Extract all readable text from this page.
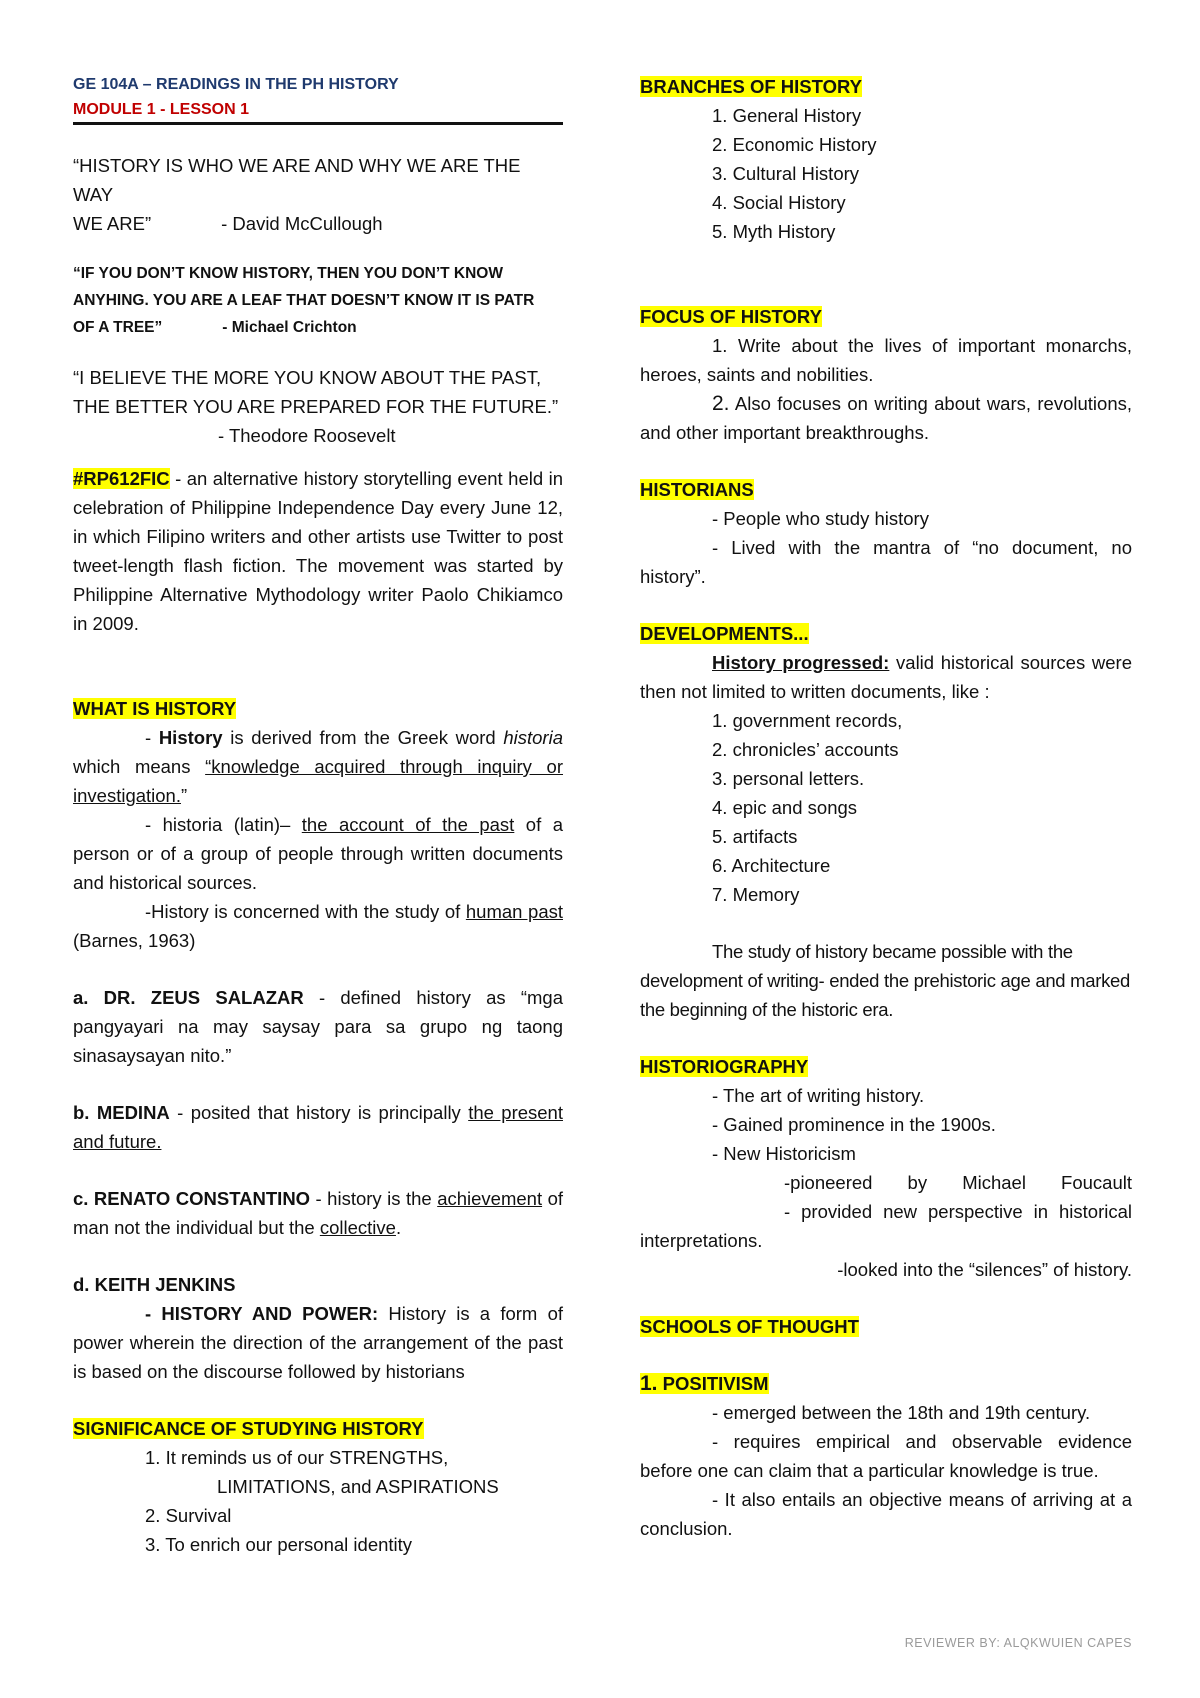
GE 104A – READINGS IN THE PH HISTORY

MODULE 1 - LESSON 1

“HISTORY IS WHO WE ARE AND WHY WE ARE THE WAY

WE ARE”	- David McCullough

“IF YOU DON’T KNOW HISTORY, THEN YOU DON’T KNOW

ANYHING. YOU ARE A LEAF THAT DOESN’T KNOW IT IS PATR

OF A TREE”	- Michael Crichton

“I BELIEVE THE MORE YOU KNOW ABOUT THE PAST,

THE BETTER YOU ARE PREPARED FOR THE FUTURE.”

- Theodore Roosevelt

#RP612FIC - an alternative history storytelling event held in celebration of Philippine Independence Day every June 12, in which Filipino writers and other artists use Twitter to post tweet-length flash fiction. The movement was started by Philippine Alternative Mythodology writer Paolo Chikiamco in 2009.

WHAT IS HISTORY

- History is derived from the Greek word historia which means “knowledge acquired through inquiry or investigation.”

- historia (latin)– the account of the past of a person or of a group of people through written documents and historical sources.

-History is concerned with the study of human past (Barnes, 1963)

a. DR. ZEUS SALAZAR - defined history as “mga pangyayari na may saysay para sa grupo ng taong sinasaysayan nito.”

b. MEDINA - posited that history is principally the present and future.

c. RENATO CONSTANTINO - history is the achievement of man not the individual but the collective.

d. KEITH JENKINS

- HISTORY AND POWER: History is a form of power wherein the direction of the arrangement of the past is based on the discourse followed by historians

SIGNIFICANCE OF STUDYING HISTORY

1. It reminds us of our STRENGTHS,

LIMITATIONS, and ASPIRATIONS

2. Survival

3. To enrich our personal identity

BRANCHES OF HISTORY

1. General History

2. Economic History

3. Cultural History

4. Social History

5. Myth History

FOCUS OF HISTORY

1. Write about the lives of important monarchs, heroes, saints and nobilities.

2. Also focuses on writing about wars, revolutions, and other important breakthroughs.

HISTORIANS

- People who study history

- Lived with the mantra of “no document, no history”.

DEVELOPMENTS...

History progressed: valid historical sources were then not limited to written documents, like :

1. government records,

2. chronicles’ accounts

3. personal letters.

4. epic and songs

5. artifacts

6. Architecture

7. Memory

The study of history became possible with the development of writing- ended the prehistoric age and marked the beginning of the historic era.

HISTORIOGRAPHY

- The art of writing history.

- Gained prominence in the 1900s.

- New Historicism

-pioneered by Michael Foucault

- provided new perspective in historical interpretations.

-looked into the “silences” of history.

SCHOOLS OF THOUGHT

1. POSITIVISM

- emerged between the 18th and 19th century.

- requires empirical and observable evidence before one can claim that a particular knowledge is true.

- It also entails an objective means of arriving at a conclusion.

REVIEWER BY: ALQKWUIEN CAPES
